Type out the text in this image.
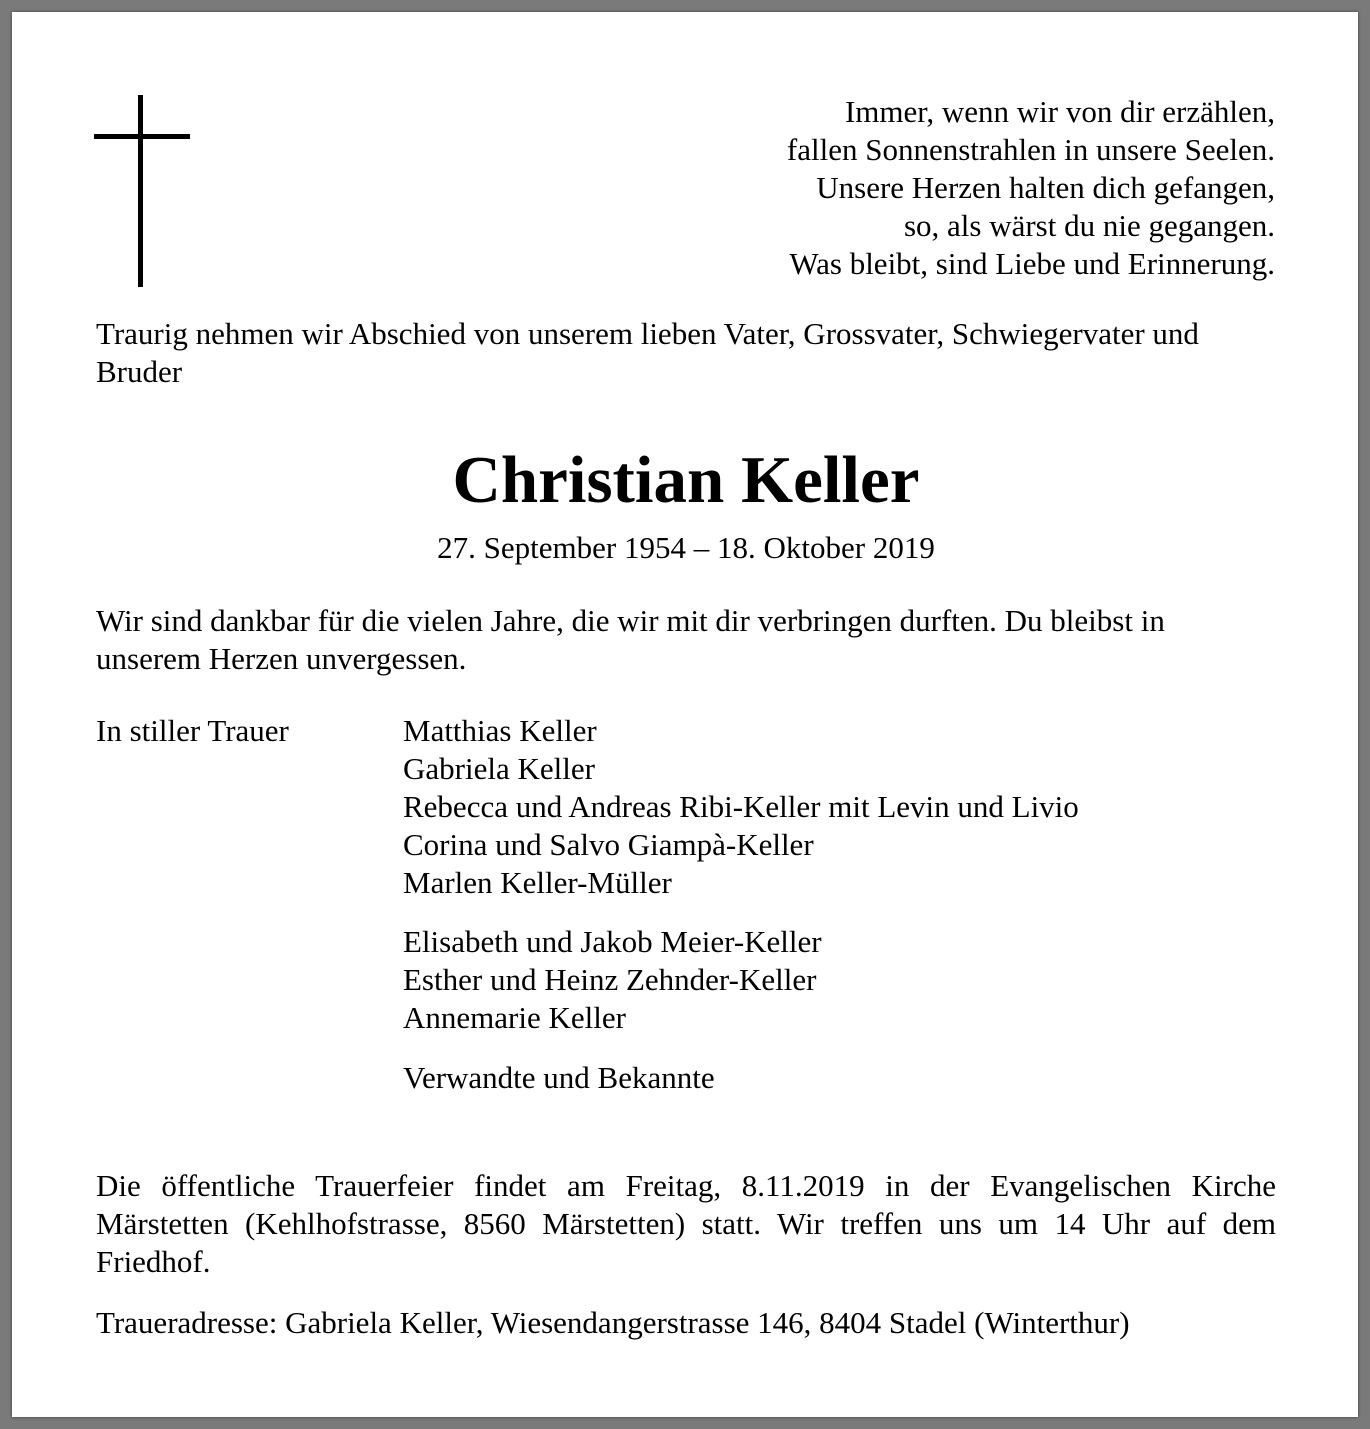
Immer, wenn wir von dir erzählen,
fallen Sonnenstrahlen in unsere Seelen.
Unsere Herzen halten dich gefangen,
so, als wärst du nie gegangen.
Was bleibt, sind Liebe und Erinnerung.
Traurig nehmen wir Abschied von unserem lieben Vater, Grossvater, Schwiegervater und Bruder
Christian Keller
27. September 1954 – 18. Oktober 2019
Wir sind dankbar für die vielen Jahre, die wir mit dir verbringen durften. Du bleibst in unserem Herzen unvergessen.
In stiller Trauer	Matthias Keller
Gabriela Keller
Rebecca und Andreas Ribi-Keller mit Levin und Livio
Corina und Salvo Giampà-Keller
Marlen Keller-Müller
Elisabeth und Jakob Meier-Keller
Esther und Heinz Zehnder-Keller
Annemarie Keller
Verwandte und Bekannte
Die öffentliche Trauerfeier findet am Freitag, 8.11.2019 in der Evangelischen Kirche Märstetten (Kehlhofstrasse, 8560 Märstetten) statt. Wir treffen uns um 14 Uhr auf dem Friedhof.
Traueradresse: Gabriela Keller, Wiesendangerstrasse 146, 8404 Stadel (Winterthur)
